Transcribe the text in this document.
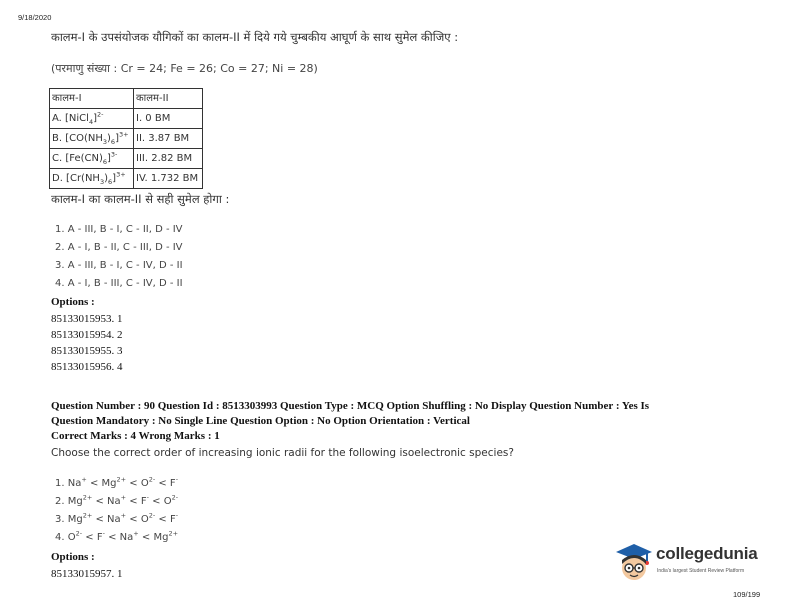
9/18/2020
कालम-I के उपसंयोजक यौगिकों का कालम-II में दिये गये चुम्बकीय आघूर्ण के साथ सुमेल कीजिए :
(परमाणु संख्या : Cr = 24; Fe = 26; Co = 27; Ni = 28)
कालम-I	कालम-II
A. [NiCl$_4$]$^{2-}$	I. 0 BM
B. $[CO(NH_3)_6]^{3+}$	II. 3.87 BM
C. $[Fe(CN)_6]^{3-}$	III. 2.82 BM
D. $[Cr(NH_3)_6]^{3+}$	IV. 1.732 BM
कालम-I का कालम-II से सही सुमेल होगा :
1. A - III, B - I, C - II, D - IV
2. A - I, B - II, C - III, D - IV
3. A - III, B - I, C - IV, D - II
4. A - I, B - III, C - IV, D - II
Options :
85133015953. 1
85133015954. 2
85133015955. 3
85133015956. 4
Question Number : 90 Question Id : 8513303993 Question Type : MCQ Option Shuffling : No Display Question Number : Yes Is
Question Mandatory : No Single Line Question Option : No Option Orientation : Vertical
Correct Marks : 4 Wrong Marks : 1
Choose the correct order of increasing ionic radii for the following isoelectronic species?
1. $Na^+ < Mg^{2+} < O^{2-} < F^-$
2. $Mg^{2+} < Na^+ < F^- < O^{2-}$
3. $Mg^{2+} < Na^+ < O^{2-} < F^-$
4. $O^{2-} < F^- < Na^+ < Mg^{2+}$
Options :
85133015957. 1
collegedunia
India's largest Student Review Platform
109/199
